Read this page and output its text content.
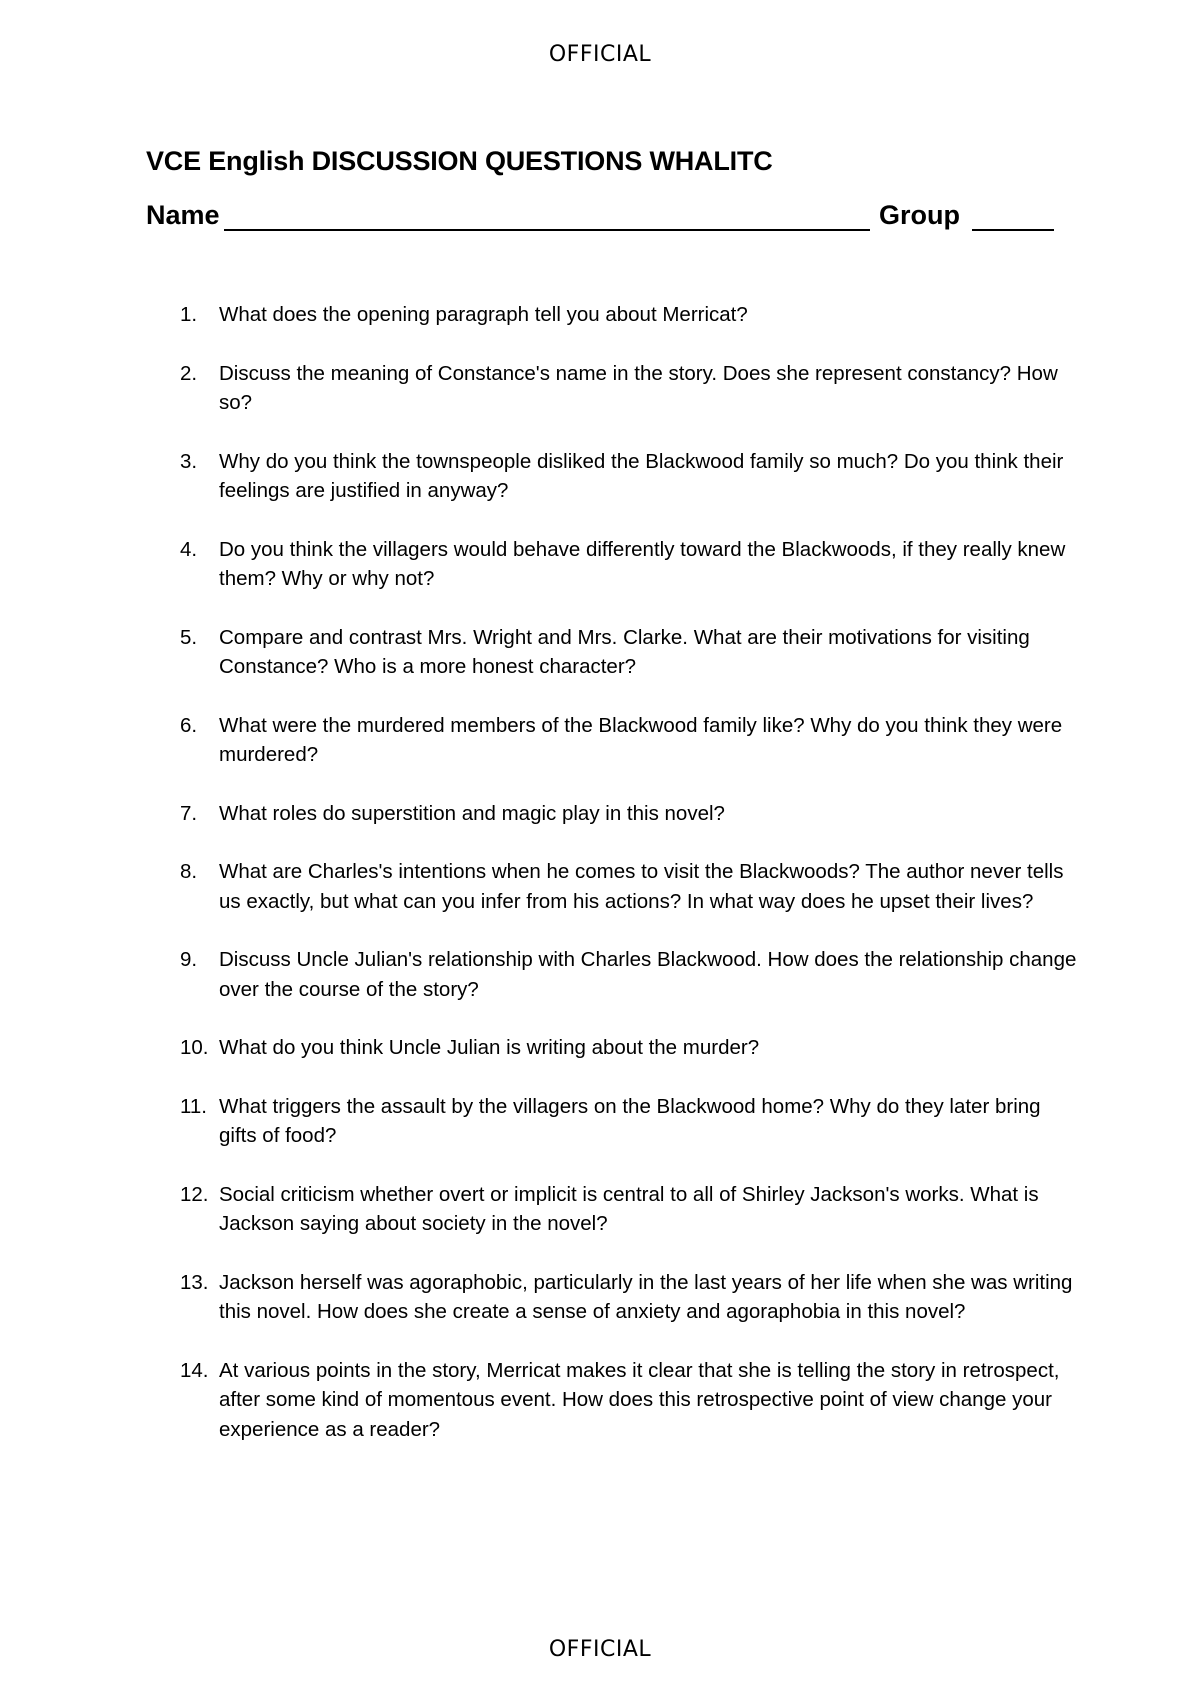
OFFICIAL
VCE English DISCUSSION QUESTIONS WHALITC
Name	Group
1. What does the opening paragraph tell you about Merricat?
2. Discuss the meaning of Constance's name in the story. Does she represent constancy? How so?
3. Why do you think the townspeople disliked the Blackwood family so much? Do you think their feelings are justified in anyway?
4. Do you think the villagers would behave differently toward the Blackwoods, if they really knew them? Why or why not?
5. Compare and contrast Mrs. Wright and Mrs. Clarke. What are their motivations for visiting Constance? Who is a more honest character?
6. What were the murdered members of the Blackwood family like? Why do you think they were murdered?
7. What roles do superstition and magic play in this novel?
8. What are Charles's intentions when he comes to visit the Blackwoods? The author never tells us exactly, but what can you infer from his actions? In what way does he upset their lives?
9. Discuss Uncle Julian's relationship with Charles Blackwood. How does the relationship change over the course of the story?
10. What do you think Uncle Julian is writing about the murder?
11. What triggers the assault by the villagers on the Blackwood home? Why do they later bring gifts of food?
12. Social criticism whether overt or implicit is central to all of Shirley Jackson's works. What is Jackson saying about society in the novel?
13. Jackson herself was agoraphobic, particularly in the last years of her life when she was writing this novel. How does she create a sense of anxiety and agoraphobia in this novel?
14. At various points in the story, Merricat makes it clear that she is telling the story in retrospect, after some kind of momentous event. How does this retrospective point of view change your experience as a reader?
OFFICIAL
